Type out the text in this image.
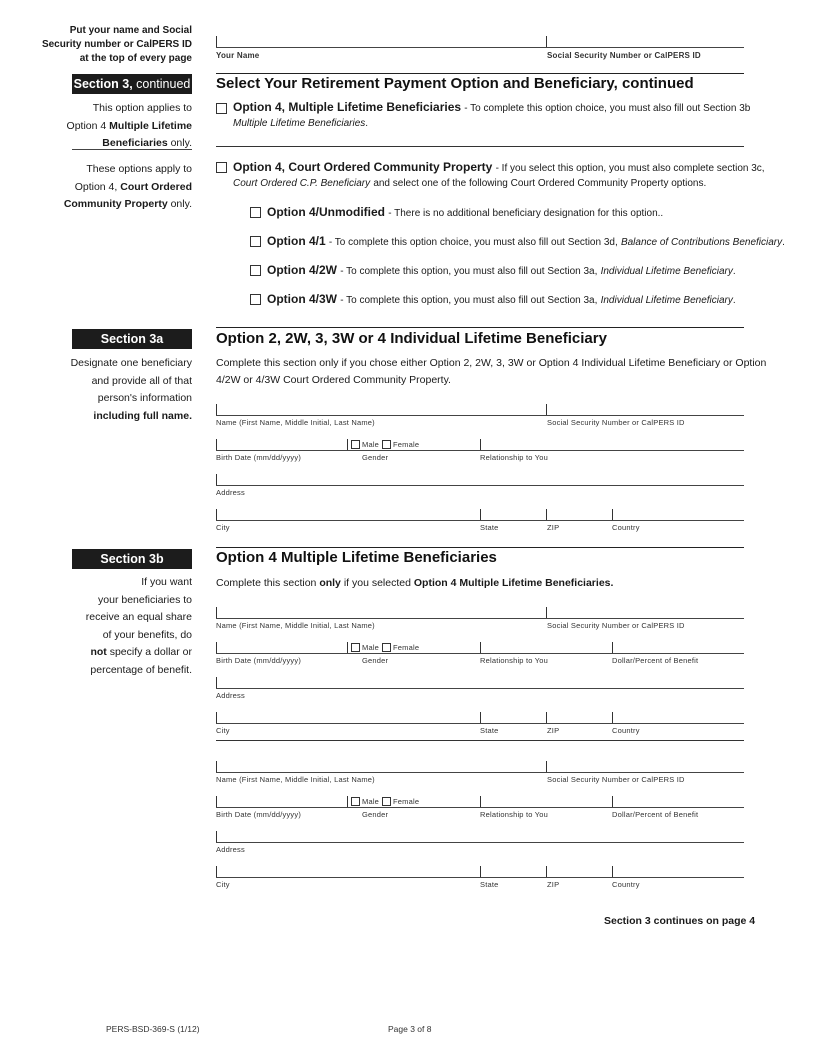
Put your name and Social
Security number or CalPERS ID
at the top of every page	Your Name	Social Security Number or CalPERS ID
Section 3, continued Select Your Retirement Payment Option and Beneficiary, continued
This option applies to
Option 4 Multiple Lifetime
Beneficiaries only.
Option 4, Multiple Lifetime Beneficiaries - To complete this option choice, you must also fill out Section 3b
Multiple Lifetime Beneficiaries.
These options apply to
Option 4, Court Ordered
Community Property only.
Option 4, Court Ordered Community Property - If you select this option, you must also complete section 3c,
Court Ordered C.P. Beneficiary and select one of the following Court Ordered Community Property options.
Option 4/Unmodified - There is no additional beneficiary designation for this option..
Option 4/1 - To complete this option choice, you must also fill out Section 3d, Balance of Contributions Beneficiary.
Option 4/2W - To complete this option, you must also fill out Section 3a, Individual Lifetime Beneficiary.
Option 4/3W - To complete this option, you must also fill out Section 3a, Individual Lifetime Beneficiary.
Section 3a	Option 2, 2W, 3, 3W or 4 Individual Lifetime Beneficiary
Designate one beneficiary
and provide all of that
person's information
including full name.
Complete this section only if you chose either Option 2, 2W, 3, 3W or Option 4 Individual Lifetime Beneficiary or Option
4/2W or 4/3W Court Ordered Community Property.
Name (First Name, Middle Initial, Last Name)	Social Security Number or CalPERS ID
Male Female
Birth Date (mm/dd/yyyy)	Gender	Relationship to You
Address
City	State	ZIP	Country
Section 3b	Option 4 Multiple Lifetime Beneficiaries
If you want
your beneficiaries to
receive an equal share
of your benefits, do
not specify a dollar or
percentage of benefit.
Complete this section only if you selected Option 4 Multiple Lifetime Beneficiaries.
Name (First Name, Middle Initial, Last Name)	Social Security Number or CalPERS ID
Male Female
Birth Date (mm/dd/yyyy)	Gender	Relationship to You	Dollar/Percent of Benefit
Address
City	State	ZIP	Country
Name (First Name, Middle Initial, Last Name)	Social Security Number or CalPERS ID
Male Female
Birth Date (mm/dd/yyyy)	Gender	Relationship to You	Dollar/Percent of Benefit
Address
City	State	ZIP	Country
Section 3 continues on page 4
PERS-BSD-369-S (1/12)	Page 3 of 8
